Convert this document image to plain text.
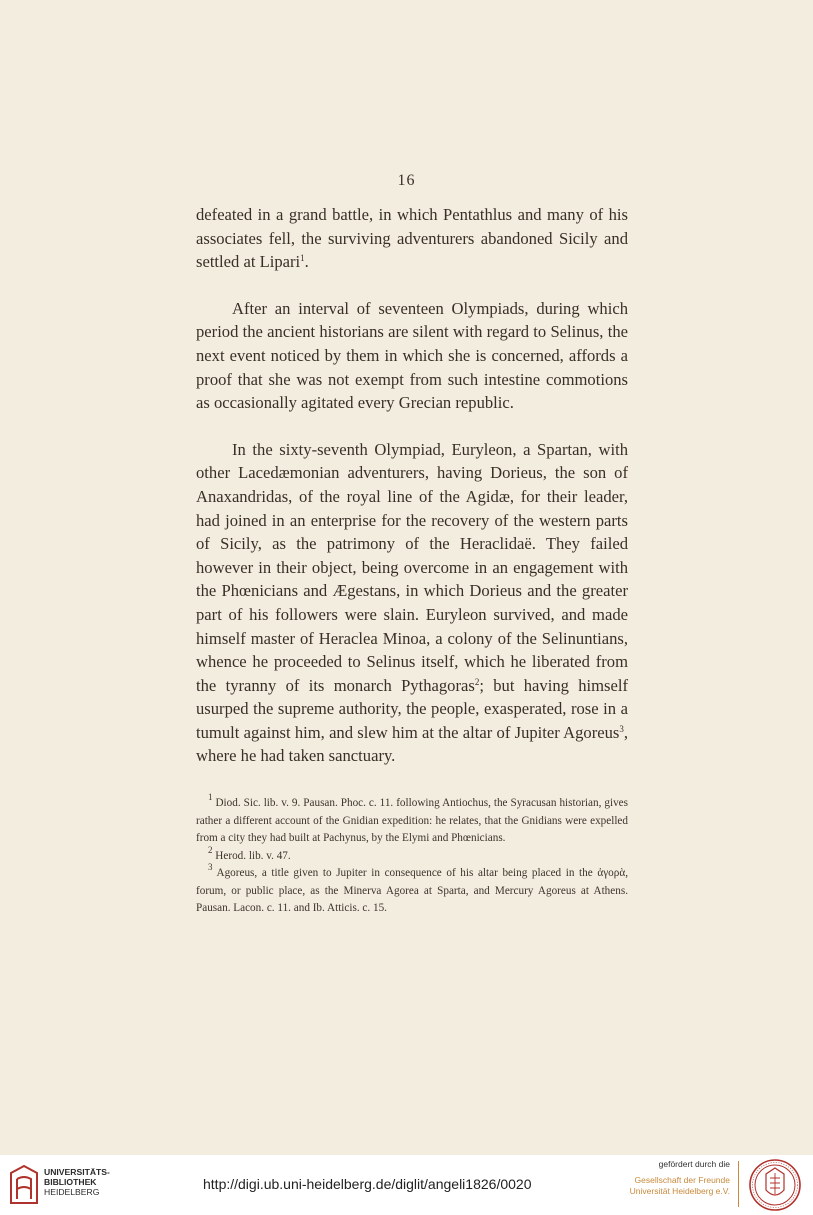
16

defeated in a grand battle, in which Pentathlus and many of his associates fell, the surviving adventurers abandoned Sicily and settled at Lipari$^1$.

After an interval of seventeen Olympiads, during which period the ancient historians are silent with regard to Selinus, the next event noticed by them in which she is concerned, affords a proof that she was not exempt from such intestine commotions as occasionally agitated every Grecian republic.

In the sixty-seventh Olympiad, Euryleon, a Spartan, with other Lacedæmonian adventurers, having Dorieus, the son of Anaxandridas, of the royal line of the Agidæ, for their leader, had joined in an enterprise for the recovery of the western parts of Sicily, as the patrimony of the Heraclidaë. They failed however in their object, being overcome in an engagement with the Phœnicians and Ægestans, in which Dorieus and the greater part of his followers were slain. Euryleon survived, and made himself master of Heraclea Minoa, a colony of the Selinuntians, whence he proceeded to Selinus itself, which he liberated from the tyranny of its monarch Pythagoras$^2$; but having himself usurped the supreme authority, the people, exasperated, rose in a tumult against him, and slew him at the altar of Jupiter Agoreus$^3$, where he had taken sanctuary.

$^1$ Diod. Sic. lib. v. 9. Pausan. Phoc. c. 11. following Antiochus, the Syracusan historian, gives rather a different account of the Gnidian expedition: he relates, that the Gnidians were expelled from a city they had built at Pachynus, by the Elymi and Phœnicians.

$^2$ Herod. lib. v. 47.

$^3$ Agoreus, a title given to Jupiter in consequence of his altar being placed in the ἀγορὰ, forum, or public place, as the Minerva Agorea at Sparta, and Mercury Agoreus at Athens. Pausan. Lacon. c. 11. and Ib. Atticis. c. 15.

UNIVERSITÄTS-
BIBLIOTHEK
HEIDELBERG
http://digi.ub.uni-heidelberg.de/diglit/angeli1826/0020
gefördert durch die
Gesellschaft der Freunde
Universität Heidelberg e.V.
